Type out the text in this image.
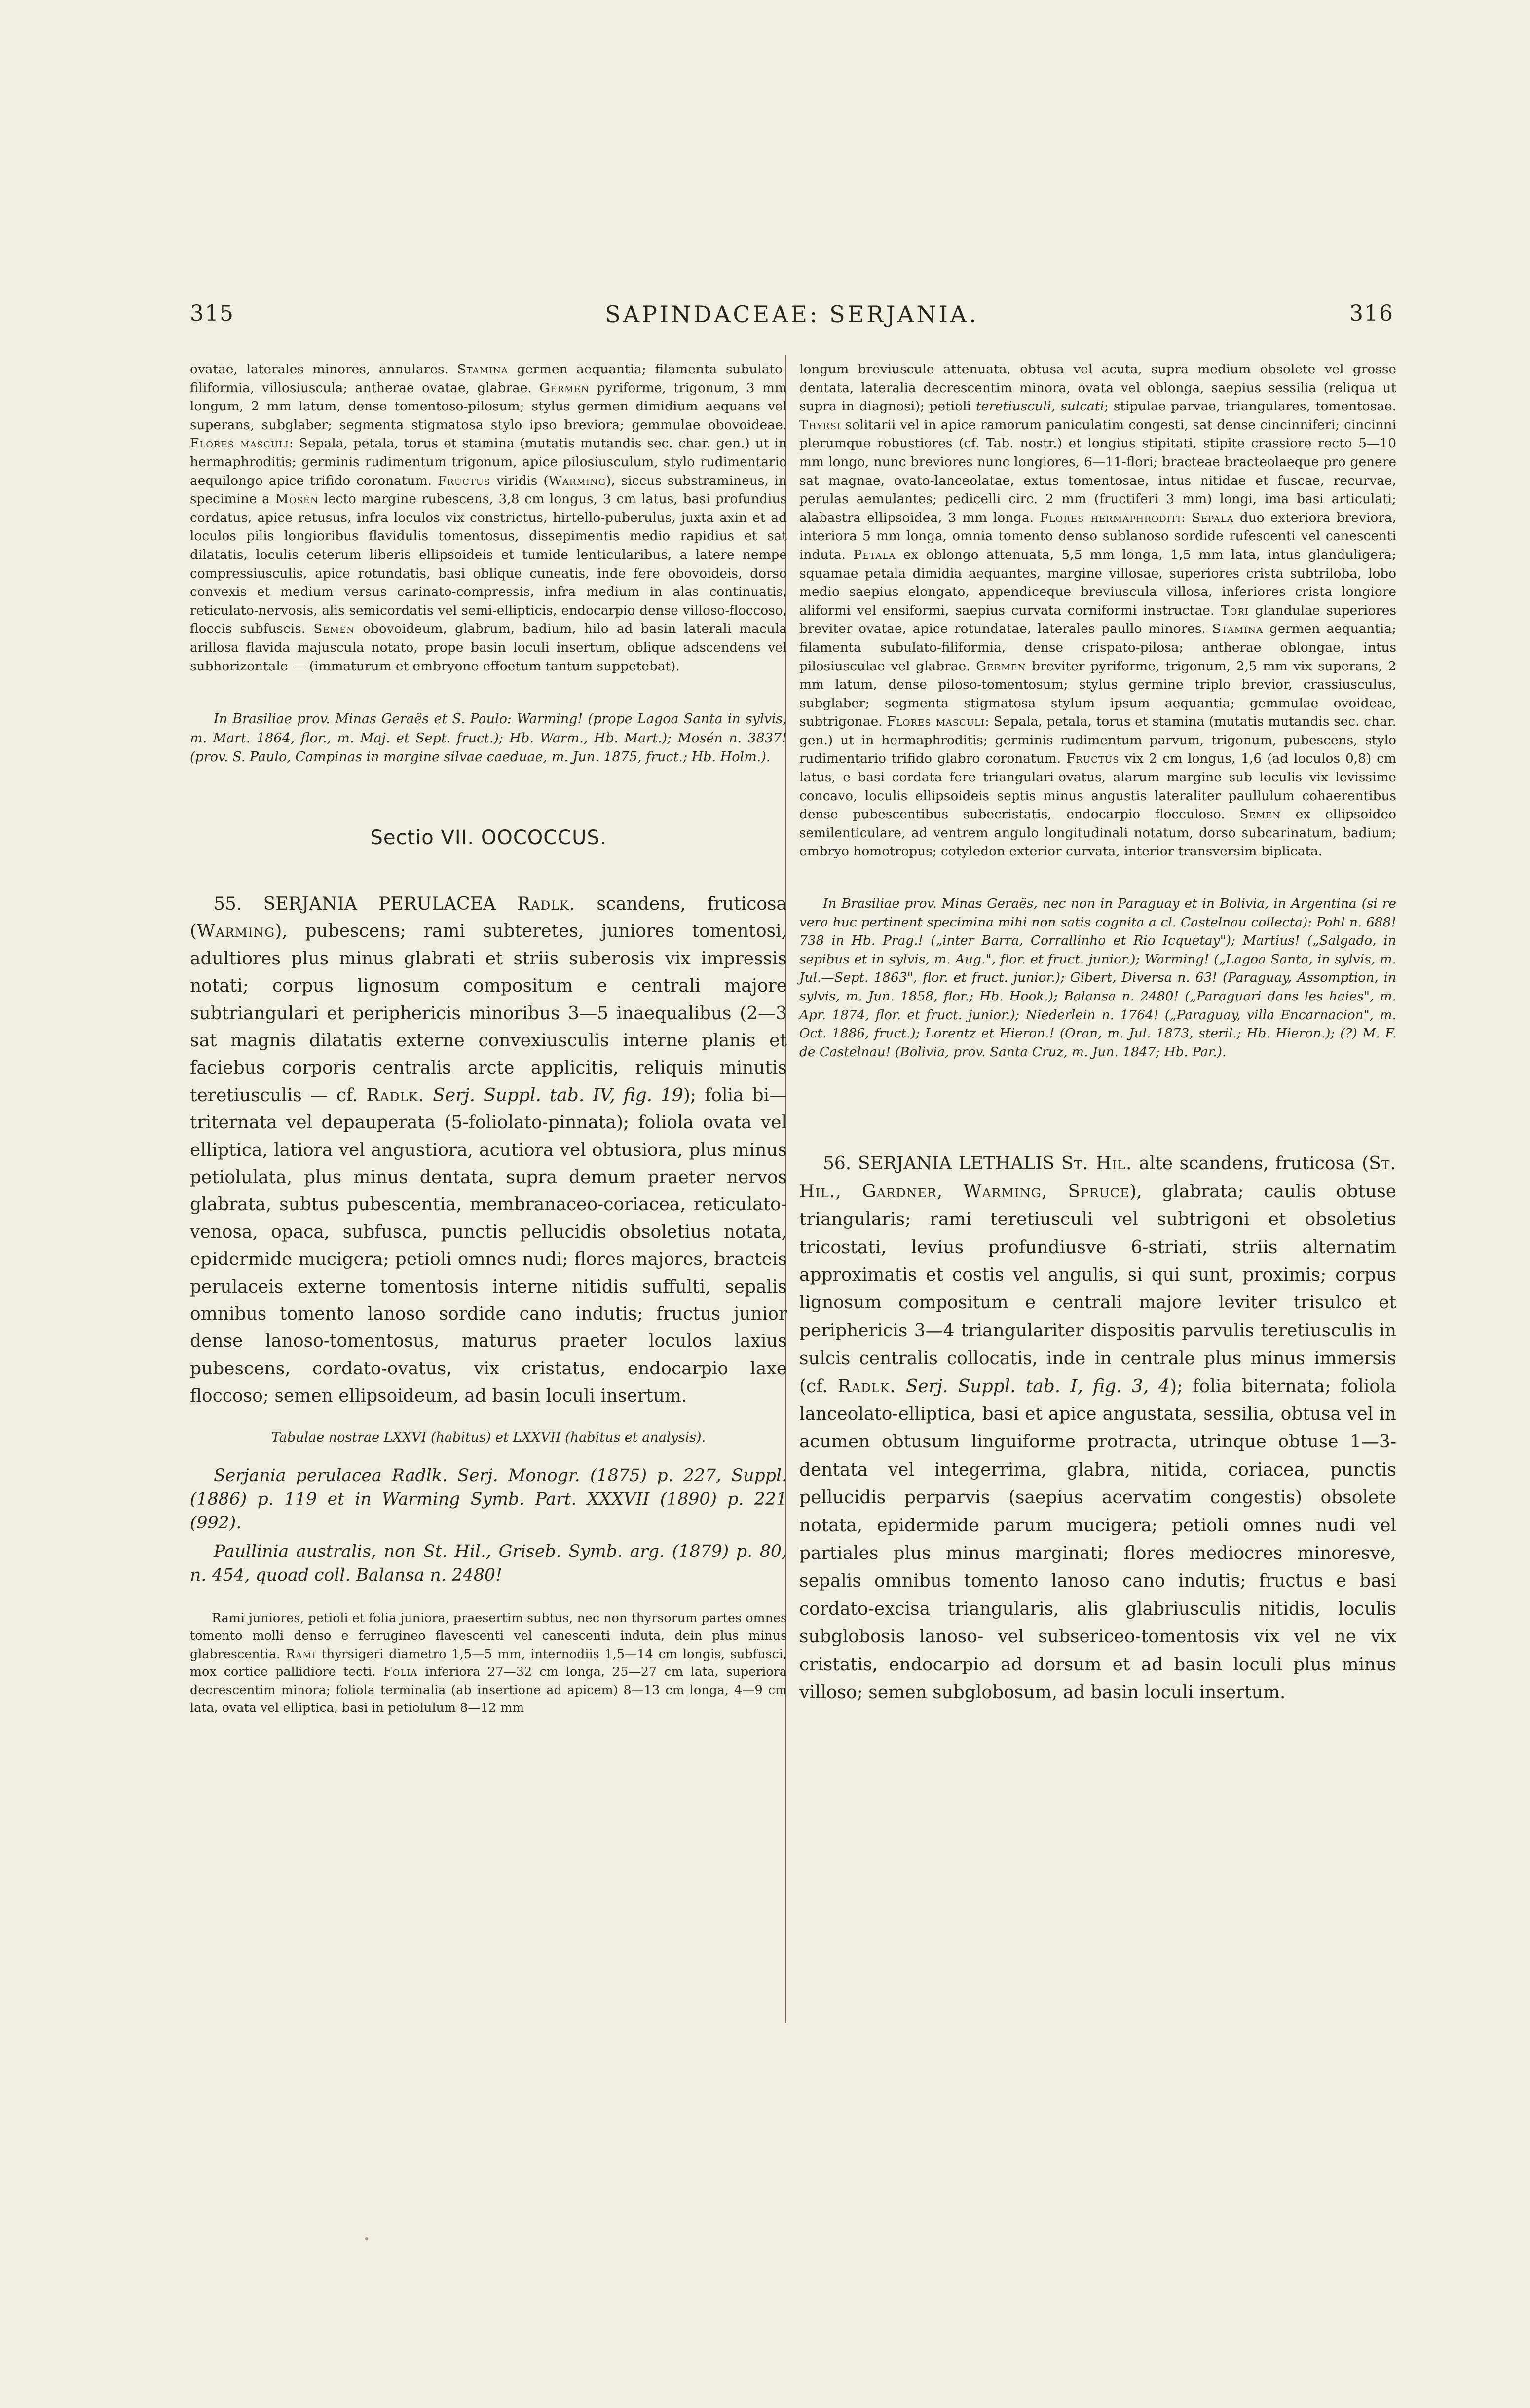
315	SAPINDACEAE: SERJANIA.	316

ovatae, laterales minores, annulares. Stamina germen aequantia; filamenta subulato-filiformia, villosiuscula; antherae ovatae, glabrae. Germen pyriforme, trigonum, 3 mm longum, 2 mm latum, dense tomentoso-pilosum; stylus germen dimidium aequans vel superans, subglaber; segmenta stigmatosa stylo ipso breviora; gemmulae obovoideae. Flores masculi: Sepala, petala, torus et stamina (mutatis mutandis sec. char. gen.) ut in hermaphroditis; germinis rudimentum trigonum, apice pilosiusculum, stylo rudimentario aequilongo apice trifido coronatum. Fructus viridis (Warming), siccus substramineus, in specimine a Mosén lecto margine rubescens, 3,8 cm longus, 3 cm latus, basi profundius cordatus, apice retusus, infra loculos vix constrictus, hirtello-puberulus, juxta axin et ad loculos pilis longioribus flavidulis tomentosus, dissepimentis medio rapidius et sat dilatatis, loculis ceterum liberis ellipsoideis et tumide lenticularibus, a latere nempe compressiusculis, apice rotundatis, basi oblique cuneatis, inde fere obovoideis, dorso convexis et medium versus carinato-compressis, infra medium in alas continuatis, reticulato-nervosis, alis semicordatis vel semi-ellipticis, endocarpio dense villoso-floccoso, floccis subfuscis. Semen obovoideum, glabrum, badium, hilo ad basin laterali macula arillosa flavida majuscula notato, prope basin loculi insertum, oblique adscendens vel subhorizontale — (immaturum et embryone effoetum tantum suppetebat).

In Brasiliae prov. Minas Geraës et S. Paulo: Warming! (prope Lagoa Santa in sylvis, m. Mart. 1864, flor., m. Maj. et Sept. fruct.); Hb. Warm., Hb. Mart.); Mosén n. 3837! (prov. S. Paulo, Campinas in margine silvae caeduae, m. Jun. 1875, fruct.; Hb. Holm.).

Sectio VII. OOCOCCUS.

55. SERJANIA PERULACEA Radlk. scandens, fruticosa (Warming), pubescens; rami subteretes, juniores tomentosi, adultiores plus minus glabrati et striis suberosis vix impressis notati; corpus lignosum compositum e centrali majore subtriangulari et periphericis minoribus 3—5 inaequalibus (2—3 sat magnis dilatatis externe convexiusculis interne planis et faciebus corporis centralis arcte applicitis, reliquis minutis teretiusculis — cf. Radlk. Serj. Suppl. tab. IV, fig. 19); folia bi—triternata vel depauperata (5-foliolato-pinnata); foliola ovata vel elliptica, latiora vel angustiora, acutiora vel obtusiora, plus minus petiolulata, plus minus dentata, supra demum praeter nervos glabrata, subtus pubescentia, membranaceo-coriacea, reticulato-venosa, opaca, subfusca, punctis pellucidis obsoletius notata, epidermide mucigera; petioli omnes nudi; flores majores, bracteis perulaceis externe tomentosis interne nitidis suffulti, sepalis omnibus tomento lanoso sordide cano indutis; fructus junior dense lanoso-tomentosus, maturus praeter loculos laxius pubescens, cordato-ovatus, vix cristatus, endocarpio laxe floccoso; semen ellipsoideum, ad basin loculi insertum.

Tabulae nostrae LXXVI (habitus) et LXXVII (habitus et analysis).

Serjania perulacea Radlk. Serj. Monogr. (1875) p. 227, Suppl. (1886) p. 119 et in Warming Symb. Part. XXXVII (1890) p. 221 (992).

Paullinia australis, non St. Hil., Griseb. Symb. arg. (1879) p. 80, n. 454, quoad coll. Balansa n. 2480!

Rami juniores, petioli et folia juniora, praesertim subtus, nec non thyrsorum partes omnes tomento molli denso e ferrugineo flavescenti vel canescenti induta, dein plus minus glabrescentia. Rami thyrsigeri diametro 1,5—5 mm, internodiis 1,5—14 cm longis, subfusci, mox cortice pallidiore tecti. Folia inferiora 27—32 cm longa, 25—27 cm lata, superiora decrescentim minora; foliola terminalia (ab insertione ad apicem) 8—13 cm longa, 4—9 cm lata, ovata vel elliptica, basi in petiolulum 8—12 mm

longum breviuscule attenuata, obtusa vel acuta, supra medium obsolete vel grosse dentata, lateralia decrescentim minora, ovata vel oblonga, saepius sessilia (reliqua ut supra in diagnosi); petioli teretiusculi, sulcati; stipulae parvae, triangulares, tomentosae. Thyrsi solitarii vel in apice ramorum paniculatim congesti, sat dense cincinniferi; cincinni plerumque robustiores (cf. Tab. nostr.) et longius stipitati, stipite crassiore recto 5—10 mm longo, nunc breviores nunc longiores, 6—11-flori; bracteae bracteolaeque pro genere sat magnae, ovato-lanceolatae, extus tomentosae, intus nitidae et fuscae, recurvae, perulas aemulantes; pedicelli circ. 2 mm (fructiferi 3 mm) longi, ima basi articulati; alabastra ellipsoidea, 3 mm longa. Flores hermaphroditi: Sepala duo exteriora breviora, interiora 5 mm longa, omnia tomento denso sublanoso sordide rufescenti vel canescenti induta. Petala ex oblongo attenuata, 5,5 mm longa, 1,5 mm lata, intus glanduligera; squamae petala dimidia aequantes, margine villosae, superiores crista subtriloba, lobo medio saepius elongato, appendiceque breviuscula villosa, inferiores crista longiore aliformi vel ensiformi, saepius curvata corniformi instructae. Tori glandulae superiores breviter ovatae, apice rotundatae, laterales paullo minores. Stamina germen aequantia; filamenta subulato-filiformia, dense crispato-pilosa; antherae oblongae, intus pilosiusculae vel glabrae. Germen breviter pyriforme, trigonum, 2,5 mm vix superans, 2 mm latum, dense piloso-tomentosum; stylus germine triplo brevior, crassiusculus, subglaber; segmenta stigmatosa stylum ipsum aequantia; gemmulae ovoideae, subtrigonae. Flores masculi: Sepala, petala, torus et stamina (mutatis mutandis sec. char. gen.) ut in hermaphroditis; germinis rudimentum parvum, trigonum, pubescens, stylo rudimentario trifido glabro coronatum. Fructus vix 2 cm longus, 1,6 (ad loculos 0,8) cm latus, e basi cordata fere triangulari-ovatus, alarum margine sub loculis vix levissime concavo, loculis ellipsoideis septis minus angustis lateraliter paullulum cohaerentibus dense pubescentibus subecristatis, endocarpio flocculoso. Semen ex ellipsoideo semilenticulare, ad ventrem angulo longitudinali notatum, dorso subcarinatum, badium; embryo homotropus; cotyledon exterior curvata, interior transversim biplicata.

In Brasiliae prov. Minas Geraës, nec non in Paraguay et in Bolivia, in Argentina (si re vera huc pertinent specimina mihi non satis cognita a cl. Castelnau collecta): Pohl n. 688! 738 in Hb. Prag.! („inter Barra, Corrallinho et Rio Icquetay"); Martius! („Salgado, in sepibus et in sylvis, m. Aug.", flor. et fruct. junior.); Warming! („Lagoa Santa, in sylvis, m. Jul.—Sept. 1863", flor. et fruct. junior.); Gibert, Diversa n. 63! (Paraguay, Assomption, in sylvis, m. Jun. 1858, flor.; Hb. Hook.); Balansa n. 2480! („Paraguari dans les haies", m. Apr. 1874, flor. et fruct. junior.); Niederlein n. 1764! („Paraguay, villa Encarnacion", m. Oct. 1886, fruct.); Lorentz et Hieron.! (Oran, m. Jul. 1873, steril.; Hb. Hieron.); (?) M. F. de Castelnau! (Bolivia, prov. Santa Cruz, m. Jun. 1847; Hb. Par.).

56. SERJANIA LETHALIS St. Hil. alte scandens, fruticosa (St. Hil., Gardner, Warming, Spruce), glabrata; caulis obtuse triangularis; rami teretiusculi vel subtrigoni et obsoletius tricostati, levius profundiusve 6-striati, striis alternatim approximatis et costis vel angulis, si qui sunt, proximis; corpus lignosum compositum e centrali majore leviter trisulco et periphericis 3—4 triangulariter dispositis parvulis teretiusculis in sulcis centralis collocatis, inde in centrale plus minus immersis (cf. Radlk. Serj. Suppl. tab. I, fig. 3, 4); folia biternata; foliola lanceolato-elliptica, basi et apice angustata, sessilia, obtusa vel in acumen obtusum linguiforme protracta, utrinque obtuse 1—3-dentata vel integerrima, glabra, nitida, coriacea, punctis pellucidis perparvis (saepius acervatim congestis) obsolete notata, epidermide parum mucigera; petioli omnes nudi vel partiales plus minus marginati; flores mediocres minoresve, sepalis omnibus tomento lanoso cano indutis; fructus e basi cordato-excisa triangularis, alis glabriusculis nitidis, loculis subglobosis lanoso- vel subsericeo-tomentosis vix vel ne vix cristatis, endocarpio ad dorsum et ad basin loculi plus minus villoso; semen subglobosum, ad basin loculi insertum.
